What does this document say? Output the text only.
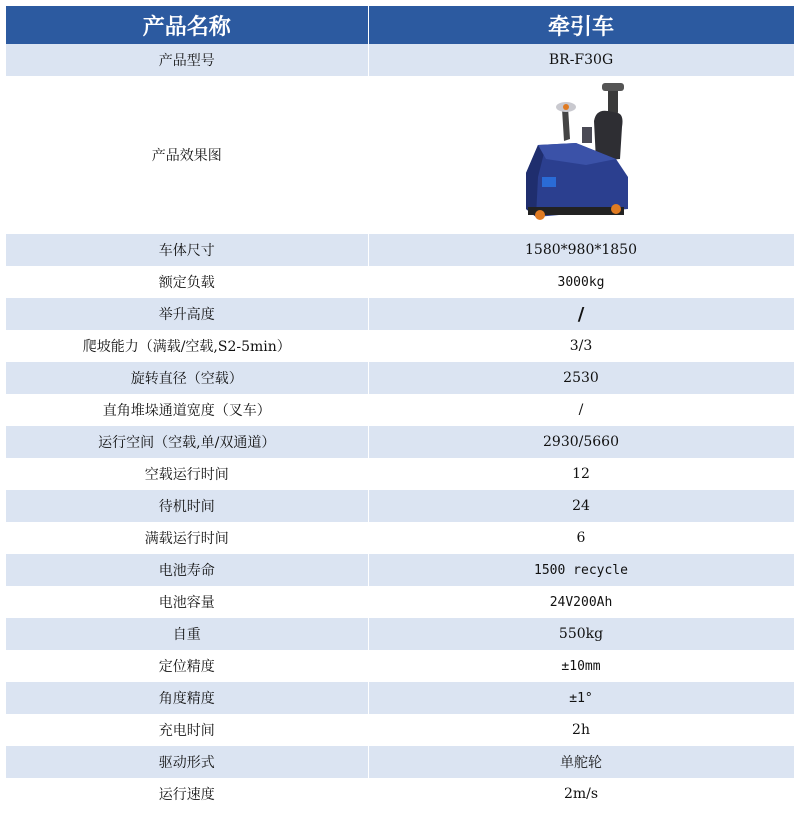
产品名称	牵引车
产品型号	BR-F30G
产品效果图	

车体尺寸	1580*980*1850
额定负载	3000kg
举升高度	/
爬坡能力（满载/空载,S2-5min）	3/3
旋转直径（空载）	2530
直角堆垛通道宽度（叉车）	/
运行空间（空载,单/双通道）	2930/5660
空载运行时间	12
待机时间	24
满载运行时间	6
电池寿命	1500 recycle
电池容量	24V200Ah
自重	550kg
定位精度	±10mm
角度精度	±1°
充电时间	2h
驱动形式	单舵轮
运行速度	2m/s
